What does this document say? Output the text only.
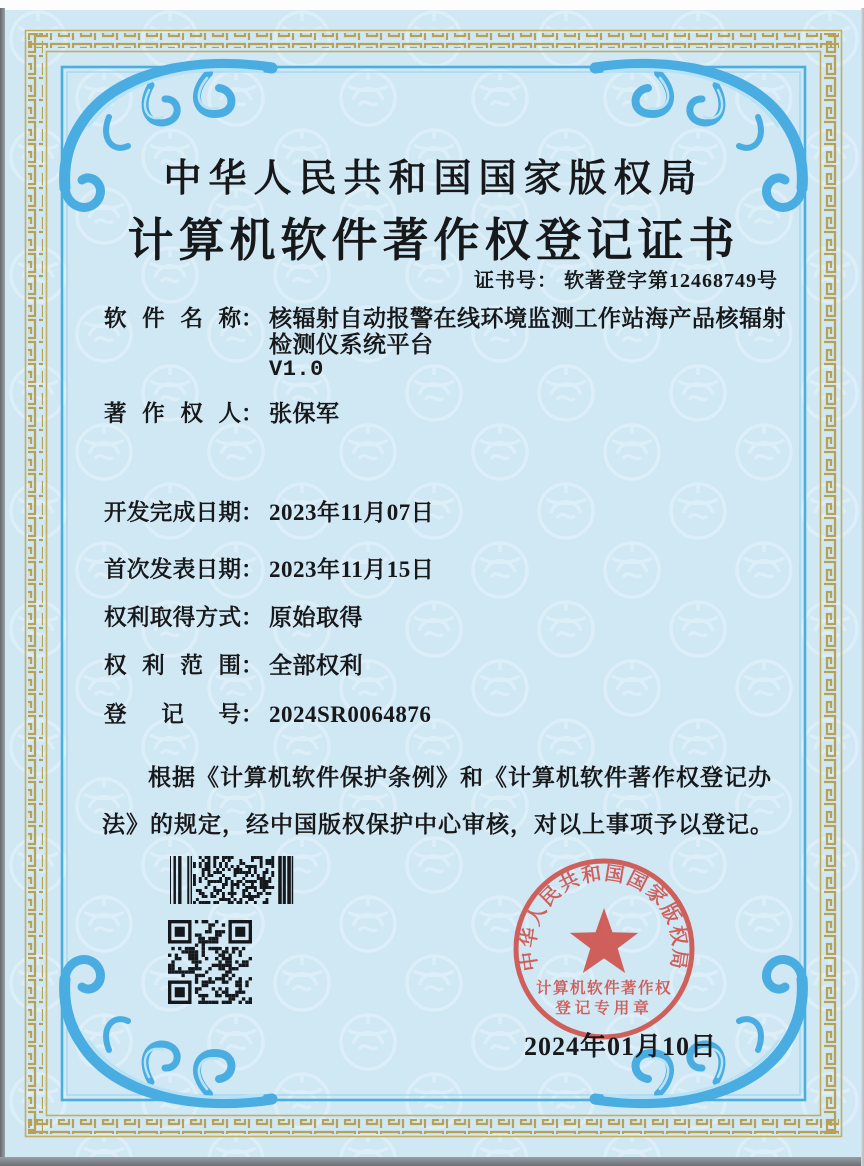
中华人民共和国国家版权局
计算机软件著作权登记证书
证书号： 软著登字第12468749号
软件名称 ： 核辐射自动报警在线环境监测工作站海产品核辐射检测仪系统平台
V1.0
著作权人 ： 张保军
开发完成日期 ： 2023年11月07日
首次发表日期 ： 2023年11月15日
权利取得方式 ： 原始取得
权利范围 ： 全部权利
登记号 ： 2024SR0064876
根据《计算机软件保护条例》和《计算机软件著作权登记办法》的规定，经中国版权保护中心审核，对以上事项予以登记。
中华人民共和国国家版权局
计算机软件著作权
登记专用章
2024年01月10日
